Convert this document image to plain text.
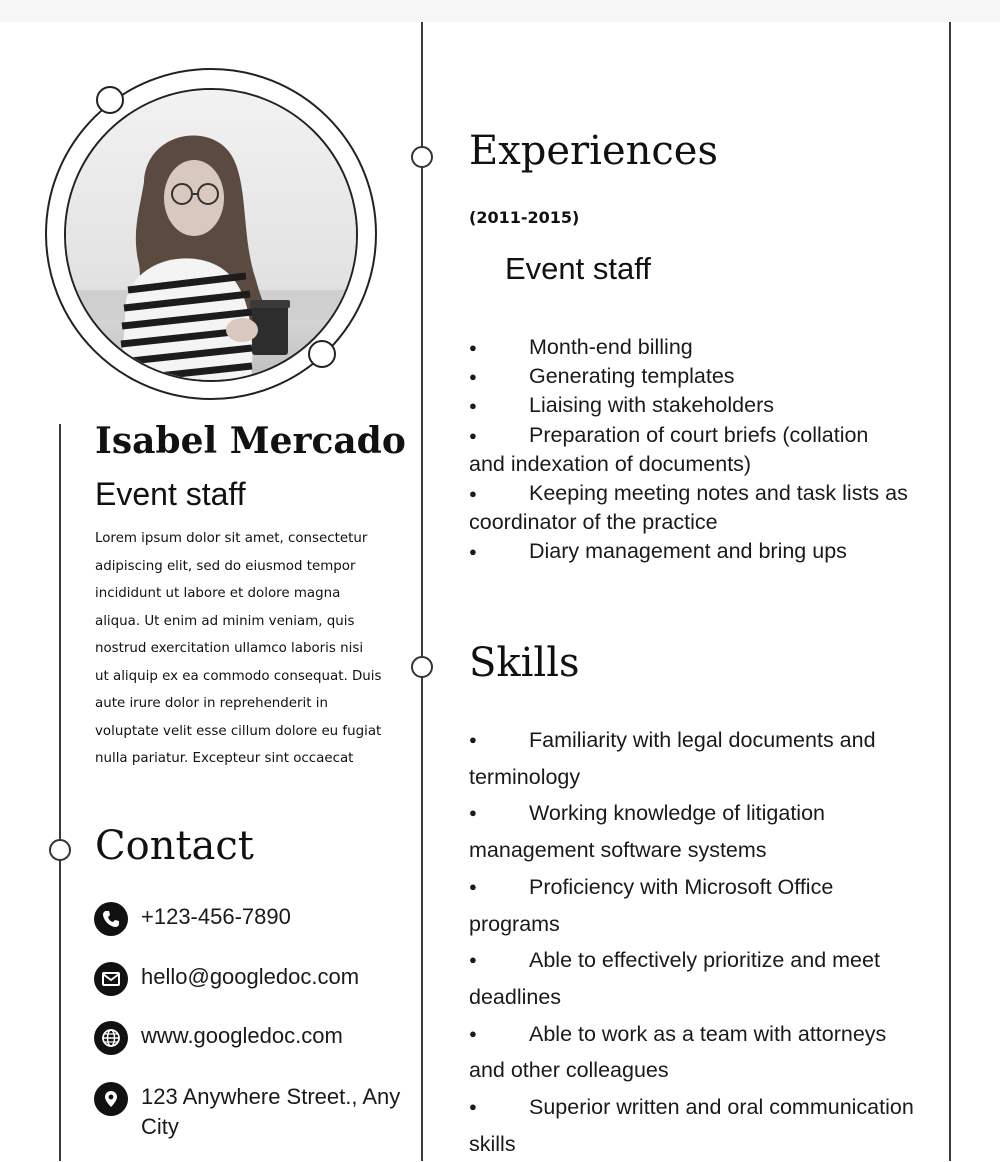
Isabel Mercado
Event staff

Lorem ipsum dolor sit amet, consectetur

adipiscing elit, sed do eiusmod tempor

incididunt ut labore et dolore magna

aliqua. Ut enim ad minim veniam, quis

nostrud exercitation ullamco laboris nisi

ut aliquip ex ea commodo consequat. Duis

aute irure dolor in reprehenderit in

voluptate velit esse cillum dolore eu fugiat

nulla pariatur. Excepteur sint occaecat

Contact
+123-456-7890
hello@googledoc.com
www.googledoc.com
123 Anywhere Street., Any City
Experiences
(2011-2015)
Event staff
● Month-end billing
● Generating templates
● Liaising with stakeholders
● Preparation of court briefs (collation and indexation of documents)
● Keeping meeting notes and task lists as coordinator of the practice
● Diary management and bring ups
Skills
● Familiarity with legal documents and terminology
● Working knowledge of litigation management software systems
● Proficiency with Microsoft Office programs
● Able to effectively prioritize and meet deadlines
● Able to work as a team with attorneys and other colleagues
● Superior written and oral communication skills
